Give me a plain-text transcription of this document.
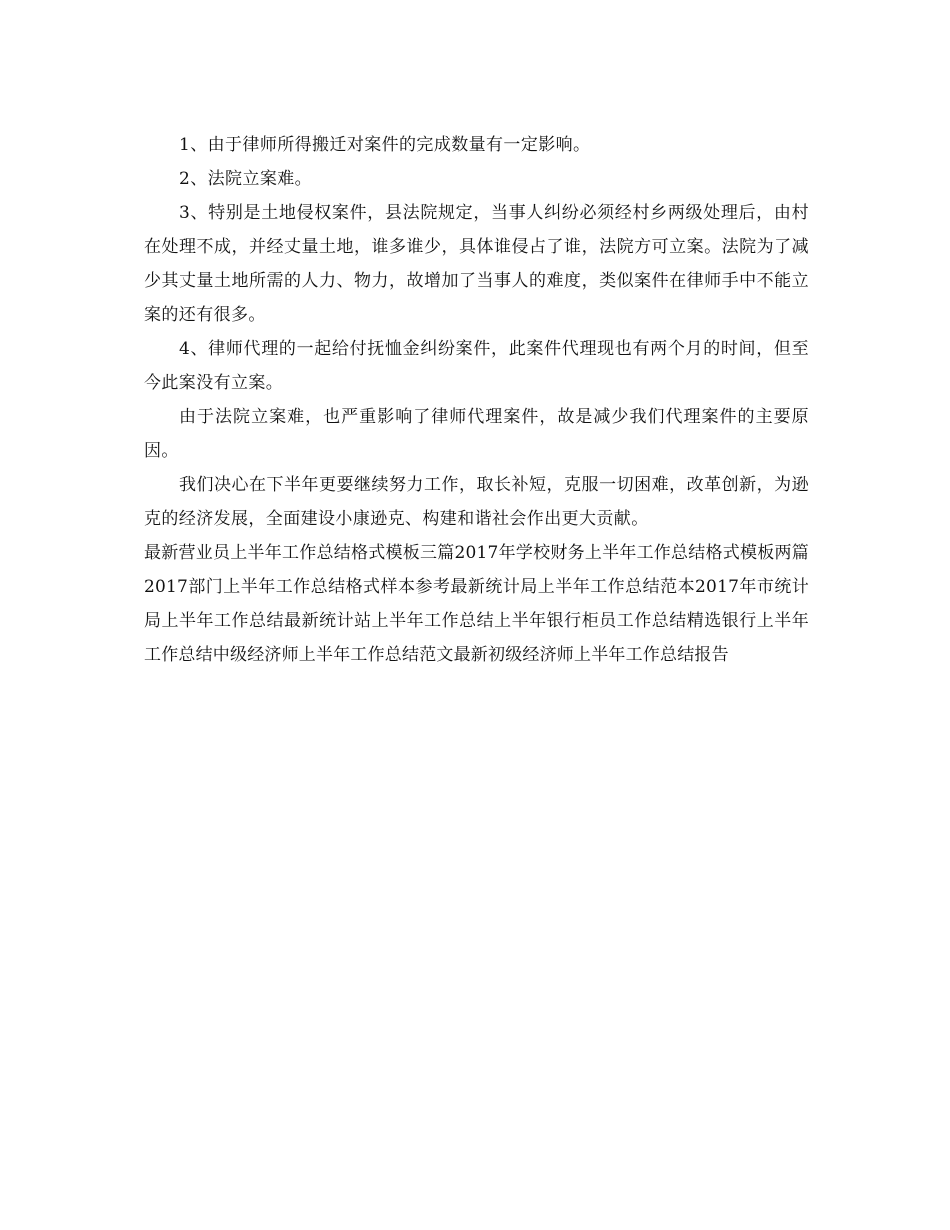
1、由于律师所得搬迁对案件的完成数量有一定影响。

2、法院立案难。

3、特别是土地侵权案件，县法院规定，当事人纠纷必须经村乡两级处理后，由村在处理不成，并经丈量土地，谁多谁少，具体谁侵占了谁，法院方可立案。法院为了减少其丈量土地所需的人力、物力，故增加了当事人的难度，类似案件在律师手中不能立案的还有很多。

4、律师代理的一起给付抚恤金纠纷案件，此案件代理现也有两个月的时间，但至今此案没有立案。

由于法院立案难，也严重影响了律师代理案件，故是减少我们代理案件的主要原因。

我们决心在下半年更要继续努力工作，取长补短，克服一切困难，改革创新，为逊克的经济发展，全面建设小康逊克、构建和谐社会作出更大贡献。

最新营业员上半年工作总结格式模板三篇2017年学校财务上半年工作总结格式模板两篇2017部门上半年工作总结格式样本参考最新统计局上半年工作总结范本2017年市统计局上半年工作总结最新统计站上半年工作总结上半年银行柜员工作总结精选银行上半年工作总结中级经济师上半年工作总结范文最新初级经济师上半年工作总结报告
